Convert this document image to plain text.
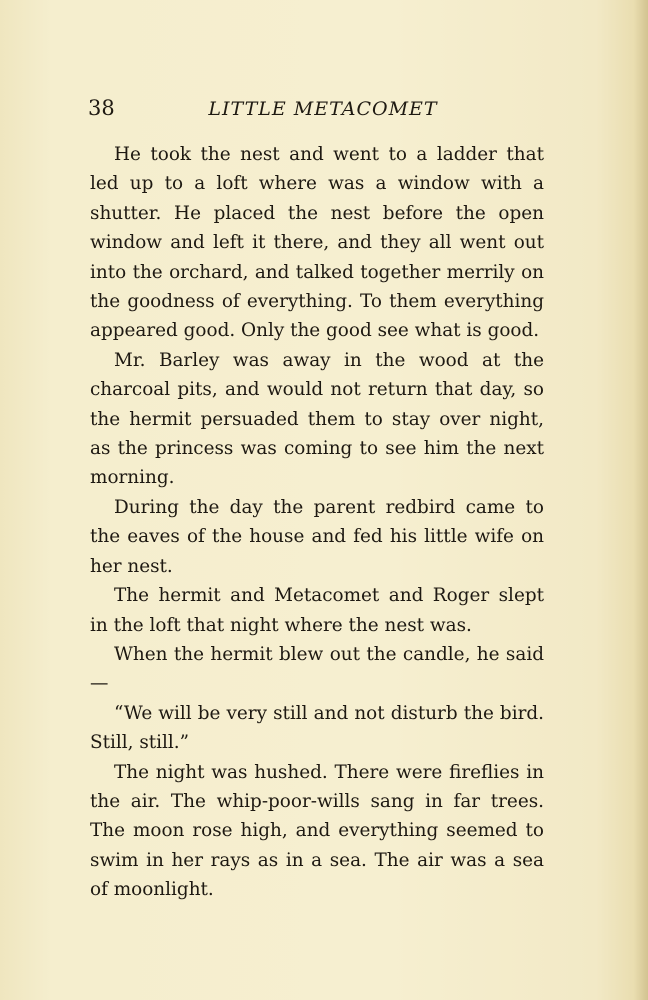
38	LITTLE METACOMET

He took the nest and went to a ladder that led up to a loft where was a window with a shutter. He placed the nest before the open window and left it there, and they all went out into the orchard, and talked together merrily on the goodness of everything. To them everything appeared good. Only the good see what is good.

Mr. Barley was away in the wood at the charcoal pits, and would not return that day, so the hermit persuaded them to stay over night, as the princess was coming to see him the next morning.

During the day the parent redbird came to the eaves of the house and fed his little wife on her nest.

The hermit and Metacomet and Roger slept in the loft that night where the nest was.

When the hermit blew out the candle, he said—

“We will be very still and not disturb the bird. Still, still.”

The night was hushed. There were fireflies in the air. The whip-poor-wills sang in far trees. The moon rose high, and everything seemed to swim in her rays as in a sea. The air was a sea of moonlight.
